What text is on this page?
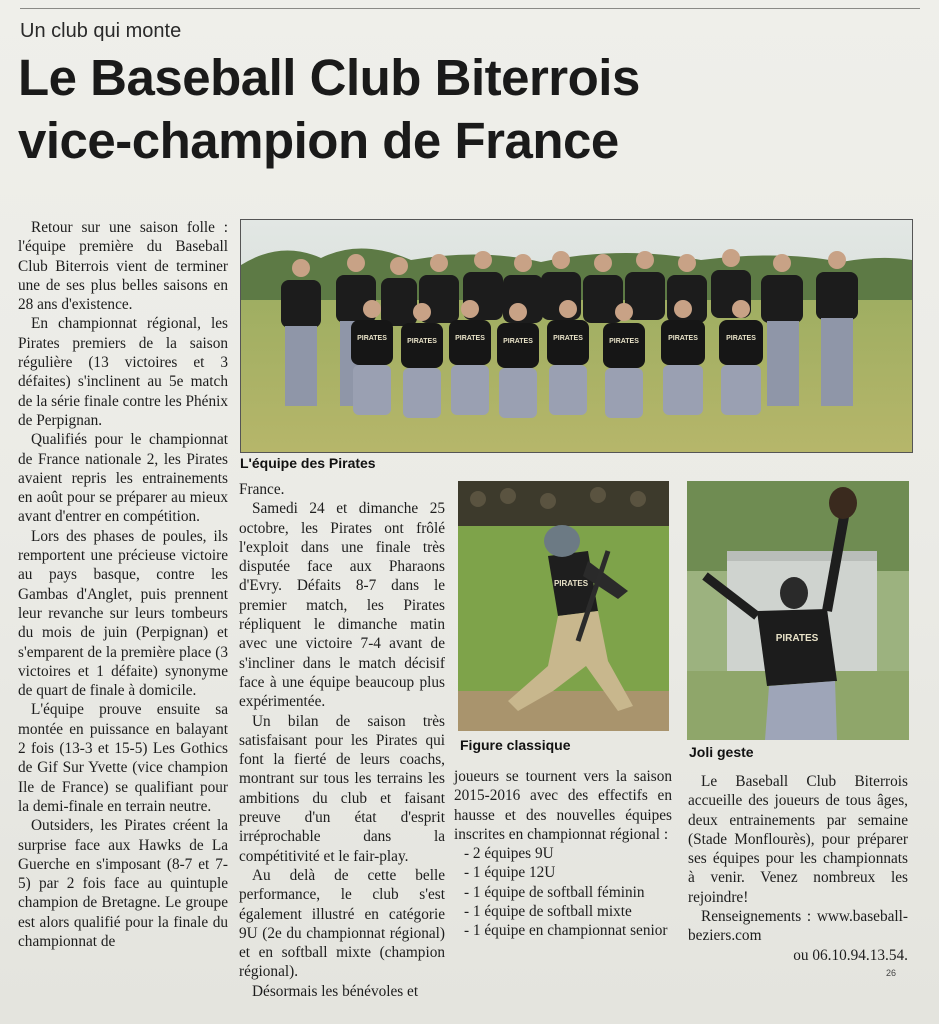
Un club qui monte
Le Baseball Club Biterrois
vice-champion de France

Retour sur une saison folle : l'équipe première du Baseball Club Biterrois vient de terminer une de ses plus belles saisons en 28 ans d'existence.

En championnat régional, les Pirates premiers de la saison régulière (13 victoires et 3 défaites) s'inclinent au 5e match de la série finale contre les Phénix de Perpignan.

Qualifiés pour le championnat de France nationale 2, les Pirates avaient repris les entrainements en août pour se préparer au mieux avant d'entrer en compétition.

Lors des phases de poules, ils remportent une précieuse victoire au pays basque, contre les Gambas d'Anglet, puis prennent leur revanche sur leurs tombeurs du mois de juin (Perpignan) et s'emparent de la première place (3 victoires et 1 défaite) synonyme de quart de finale à domicile.

L'équipe prouve ensuite sa montée en puissance en balayant 2 fois (13-3 et 15-5) Les Gothics de Gif Sur Yvette (vice champion Ile de France) se qualifiant pour la demi-finale en terrain neutre.

Outsiders, les Pirates créent la surprise face aux Hawks de La Guerche en s'imposant (8-7 et 7-5) par 2 fois face au quintuple champion de Bretagne. Le groupe est alors qualifié pour la finale du championnat de

PIRATES	PIRATES	PIRATES	PIRATES	PIRATES	PIRATES	PIRATES	PIRATES
L'équipe des Pirates

France.

Samedi 24 et dimanche 25 octobre, les Pirates ont frôlé l'exploit dans une finale très disputée face aux Pharaons d'Evry. Défaits 8-7 dans le premier match, les Pirates répliquent le dimanche matin avec une victoire 7-4 avant de s'incliner dans le match décisif face à une équipe beaucoup plus expérimentée.

Un bilan de saison très satisfaisant pour les Pirates qui font la fierté de leurs coachs, montrant sur tous les terrains les ambitions du club et faisant preuve d'un état d'esprit irréprochable dans la compétitivité et le fair-play.

Au delà de cette belle performance, le club s'est également illustré en catégorie 9U (2e du championnat régional) et en softball mixte (champion régional).

Désormais les bénévoles et

PIRATES
Figure classique
PIRATES
Joli geste

joueurs se tournent vers la saison 2015-2016 avec des effectifs en hausse et des nouvelles équipes inscrites en championnat régional :

- 2 équipes 9U
- 1 équipe 12U
- 1 équipe de softball féminin
- 1 équipe de softball mixte
- 1 équipe en championnat senior

Le Baseball Club Biterrois accueille des joueurs de tous âges, deux entrainements par semaine (Stade Monflourès), pour préparer ses équipes pour les championnats à venir. Venez nombreux les rejoindre!

Renseignements : www.baseball-beziers.com

ou 06.10.94.13.54.

26
